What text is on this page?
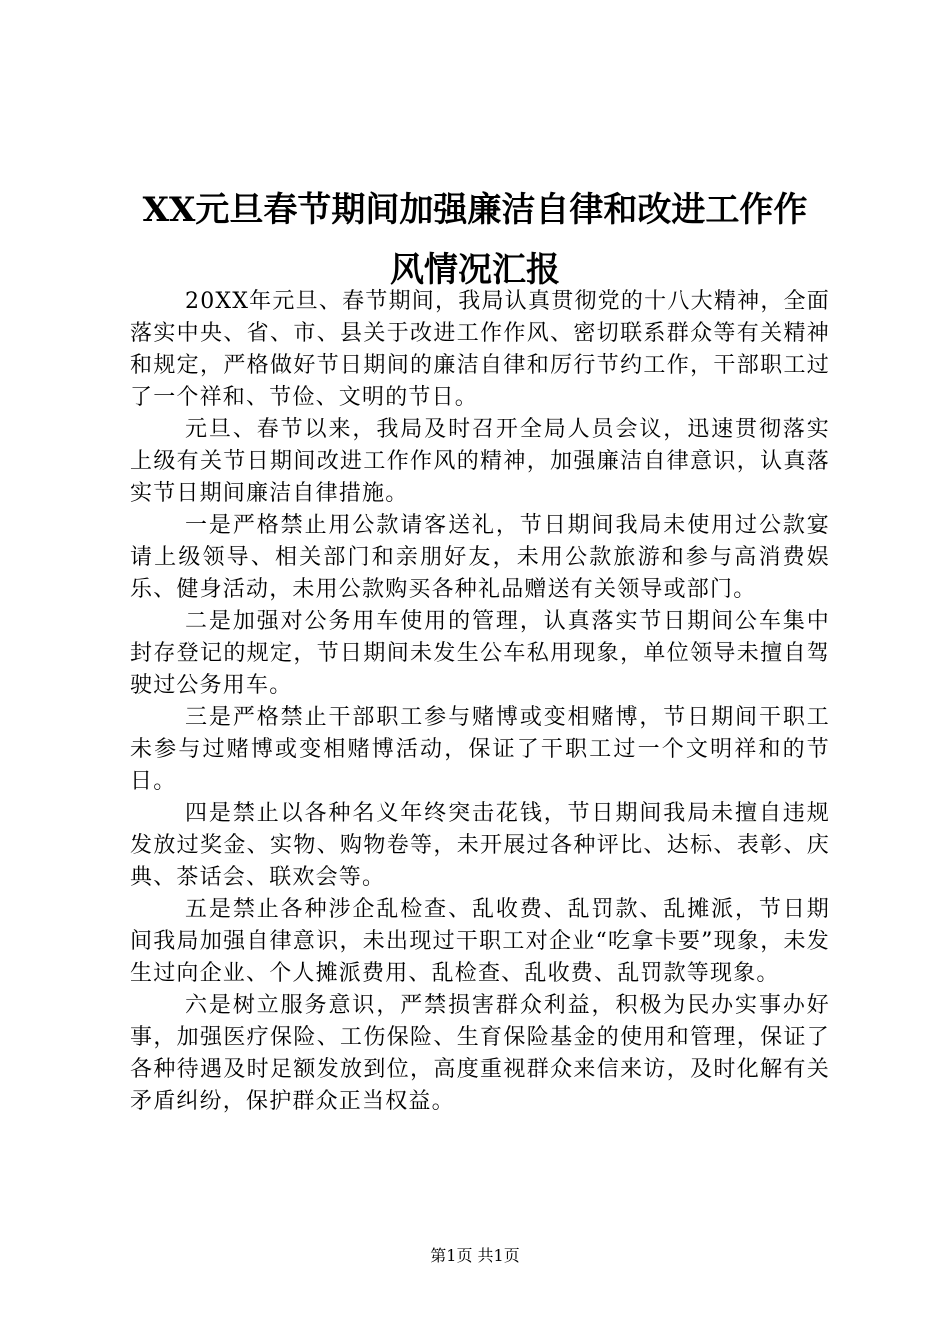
XX元旦春节期间加强廉洁自律和改进工作作
风情况汇报

20XX年元旦、春节期间，我局认真贯彻党的十八大精神，全面落实中央、省、市、县关于改进工作作风、密切联系群众等有关精神和规定，严格做好节日期间的廉洁自律和厉行节约工作，干部职工过了一个祥和、节俭、文明的节日。

元旦、春节以来，我局及时召开全局人员会议，迅速贯彻落实上级有关节日期间改进工作作风的精神，加强廉洁自律意识，认真落实节日期间廉洁自律措施。

一是严格禁止用公款请客送礼，节日期间我局未使用过公款宴请上级领导、相关部门和亲朋好友，未用公款旅游和参与高消费娱乐、健身活动，未用公款购买各种礼品赠送有关领导或部门。

二是加强对公务用车使用的管理，认真落实节日期间公车集中封存登记的规定，节日期间未发生公车私用现象，单位领导未擅自驾驶过公务用车。

三是严格禁止干部职工参与赌博或变相赌博，节日期间干职工未参与过赌博或变相赌博活动，保证了干职工过一个文明祥和的节日。

四是禁止以各种名义年终突击花钱，节日期间我局未擅自违规发放过奖金、实物、购物卷等，未开展过各种评比、达标、表彰、庆典、茶话会、联欢会等。

五是禁止各种涉企乱检查、乱收费、乱罚款、乱摊派，节日期间我局加强自律意识，未出现过干职工对企业“吃拿卡要”现象，未发生过向企业、个人摊派费用、乱检查、乱收费、乱罚款等现象。

六是树立服务意识，严禁损害群众利益，积极为民办实事办好事，加强医疗保险、工伤保险、生育保险基金的使用和管理，保证了各种待遇及时足额发放到位，高度重视群众来信来访，及时化解有关矛盾纠纷，保护群众正当权益。

第1页 共1页
